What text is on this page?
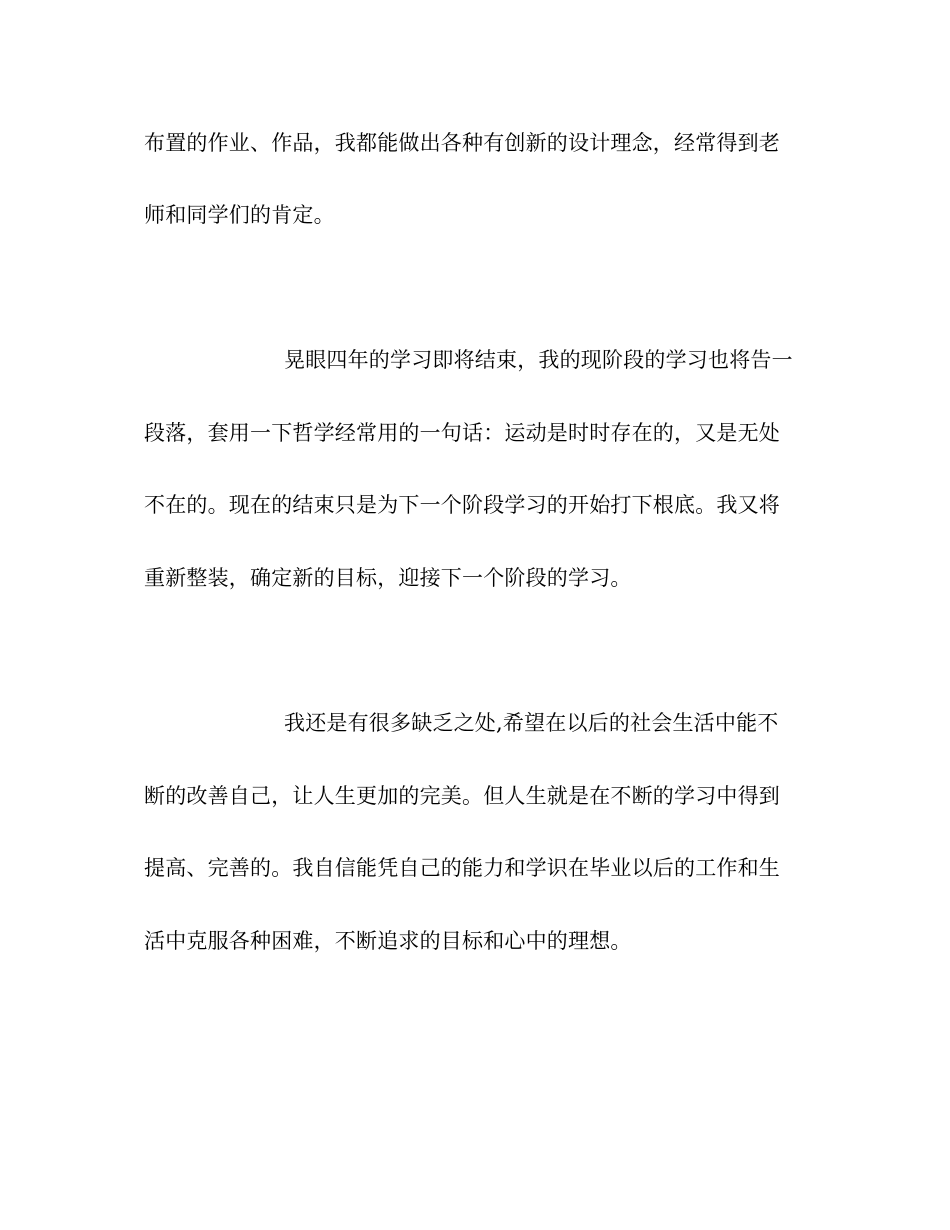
布置的作业、作品，我都能做出各种有创新的设计理念，经常得到老
师和同学们的肯定。
晃眼四年的学习即将结束，我的现阶段的学习也将告一
段落，套用一下哲学经常用的一句话：运动是时时存在的，又是无处
不在的。现在的结束只是为下一个阶段学习的开始打下根底。我又将
重新整装，确定新的目标，迎接下一个阶段的学习。
我还是有很多缺乏之处,希望在以后的社会生活中能不
断的改善自己，让人生更加的完美。但人生就是在不断的学习中得到
提高、完善的。我自信能凭自己的能力和学识在毕业以后的工作和生
活中克服各种困难，不断追求的目标和心中的理想。
